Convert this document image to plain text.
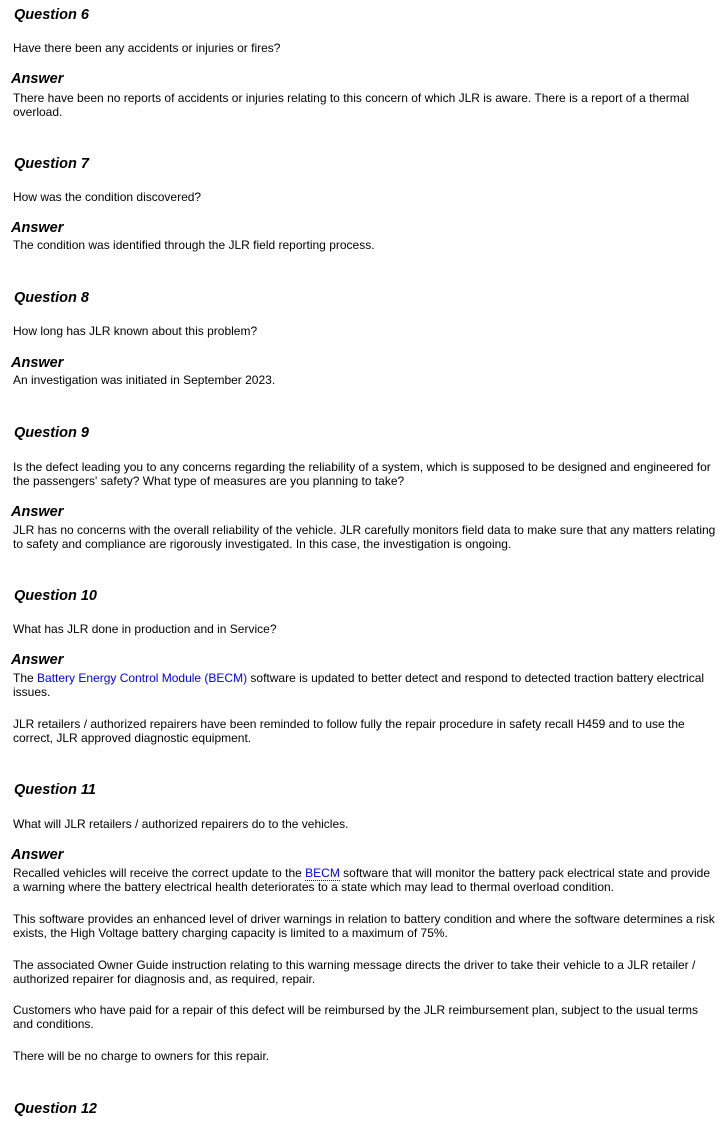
Question 6

Have there been any accidents or injuries or fires?

Answer

There have been no reports of accidents or injuries relating to this concern of which JLR is aware. There is a report of a thermal overload.

Question 7

How was the condition discovered?

Answer

The condition was identified through the JLR field reporting process.

Question 8

How long has JLR known about this problem?

Answer

An investigation was initiated in September 2023.

Question 9

Is the defect leading you to any concerns regarding the reliability of a system, which is supposed to be designed and engineered for the passengers' safety? What type of measures are you planning to take?

Answer

JLR has no concerns with the overall reliability of the vehicle. JLR carefully monitors field data to make sure that any matters relating to safety and compliance are rigorously investigated. In this case, the investigation is ongoing.

Question 10

What has JLR done in production and in Service?

Answer

The Battery Energy Control Module (BECM) software is updated to better detect and respond to detected traction battery electrical issues.

JLR retailers / authorized repairers have been reminded to follow fully the repair procedure in safety recall H459 and to use the correct, JLR approved diagnostic equipment.

Question 11

What will JLR retailers / authorized repairers do to the vehicles.

Answer

Recalled vehicles will receive the correct update to the BECM software that will monitor the battery pack electrical state and provide a warning where the battery electrical health deteriorates to a state which may lead to thermal overload condition.

This software provides an enhanced level of driver warnings in relation to battery condition and where the software determines a risk exists, the High Voltage battery charging capacity is limited to a maximum of 75%.

The associated Owner Guide instruction relating to this warning message directs the driver to take their vehicle to a JLR retailer / authorized repairer for diagnosis and, as required, repair.

Customers who have paid for a repair of this defect will be reimbursed by the JLR reimbursement plan, subject to the usual terms and conditions.

There will be no charge to owners for this repair.

Question 12
